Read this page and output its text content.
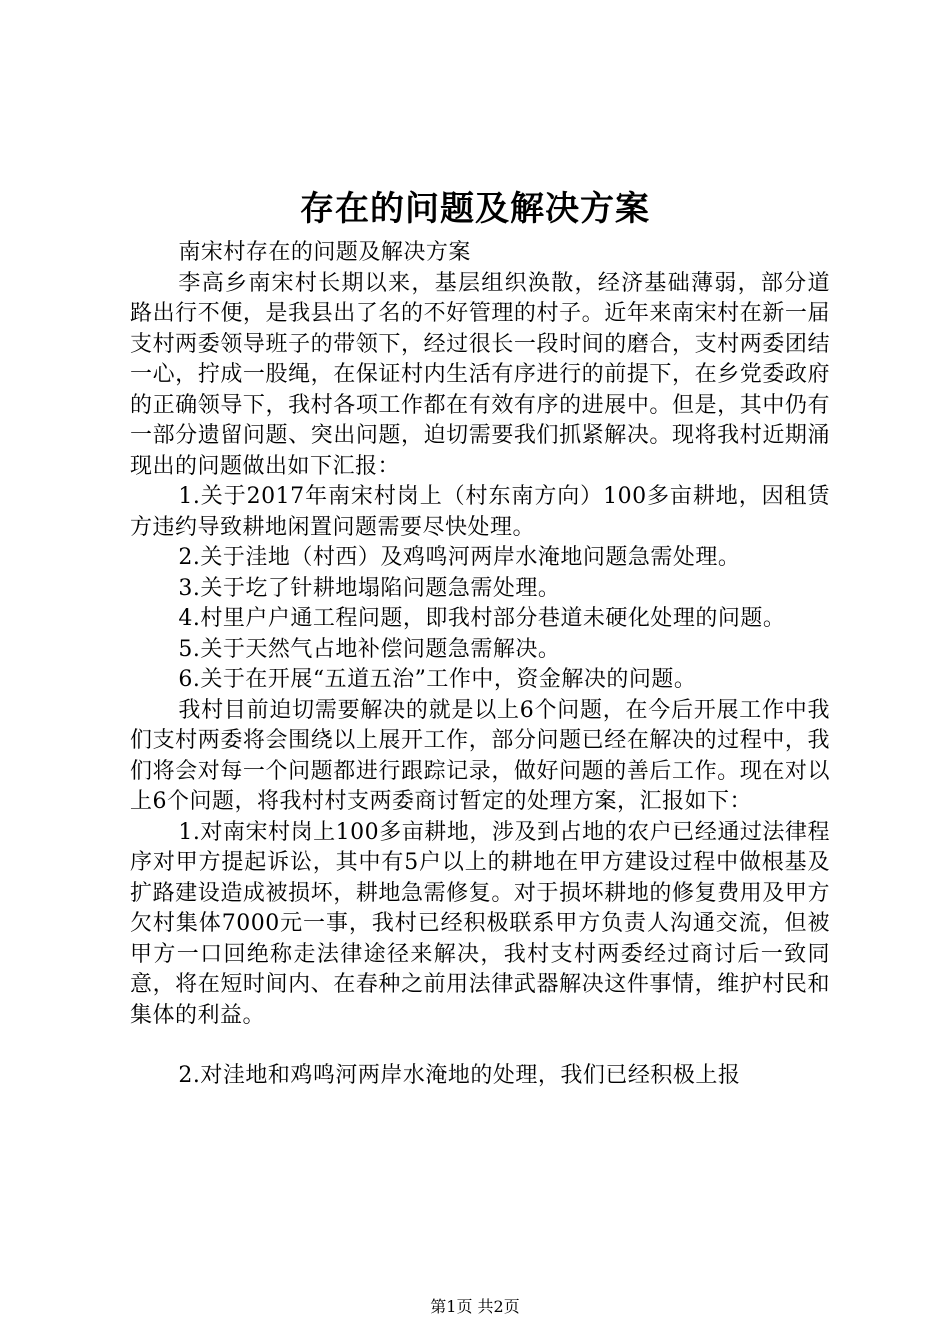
存在的问题及解决方案

南宋村存在的问题及解决方案

李高乡南宋村长期以来，基层组织涣散，经济基础薄弱，部分道路出行不便，是我县出了名的不好管理的村子。近年来南宋村在新一届支村两委领导班子的带领下，经过很长一段时间的磨合，支村两委团结一心，拧成一股绳，在保证村内生活有序进行的前提下，在乡党委政府的正确领导下，我村各项工作都在有效有序的进展中。但是，其中仍有一部分遗留问题、突出问题，迫切需要我们抓紧解决。现将我村近期涌现出的问题做出如下汇报：

1.关于2017年南宋村岗上（村东南方向）100多亩耕地，因租赁方违约导致耕地闲置问题需要尽快处理。

2.关于洼地（村西）及鸡鸣河两岸水淹地问题急需处理。

3.关于圪了针耕地塌陷问题急需处理。

4.村里户户通工程问题，即我村部分巷道未硬化处理的问题。

5.关于天然气占地补偿问题急需解决。

6.关于在开展“五道五治”工作中，资金解决的问题。

我村目前迫切需要解决的就是以上6个问题，在今后开展工作中我们支村两委将会围绕以上展开工作，部分问题已经在解决的过程中，我们将会对每一个问题都进行跟踪记录，做好问题的善后工作。现在对以上6个问题，将我村村支两委商讨暂定的处理方案，汇报如下：

1.对南宋村岗上100多亩耕地，涉及到占地的农户已经通过法律程序对甲方提起诉讼，其中有5户以上的耕地在甲方建设过程中做根基及扩路建设造成被损坏，耕地急需修复。对于损坏耕地的修复费用及甲方欠村集体7000元一事，我村已经积极联系甲方负责人沟通交流，但被甲方一口回绝称走法律途径来解决，我村支村两委经过商讨后一致同意，将在短时间内、在春种之前用法律武器解决这件事情，维护村民和集体的利益。

2.对洼地和鸡鸣河两岸水淹地的处理，我们已经积极上报

第1页 共2页
